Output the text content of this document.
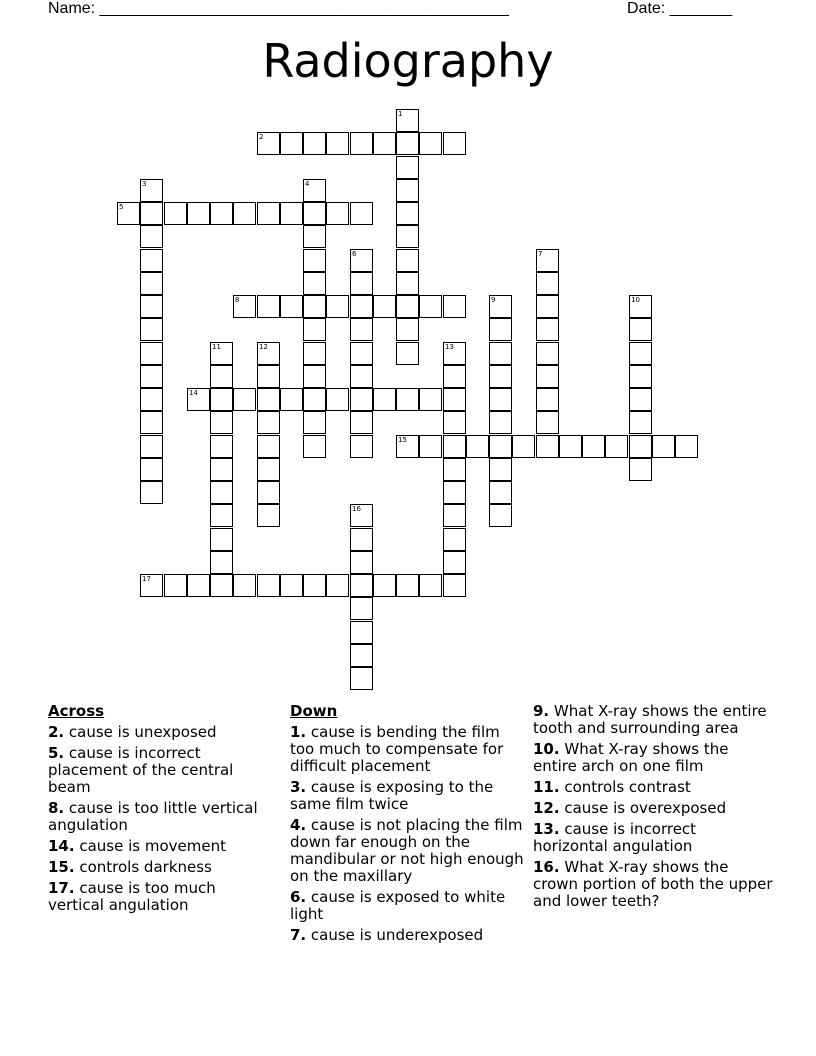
Name: ______________________________________________	Date: _______
Radiography
1
2
3	4
5
6	7
8	9	10
11	12	13
14
15
16
17
Across
2. cause is unexposed
5. cause is incorrect placement of the central beam
8. cause is too little vertical angulation
14. cause is movement
15. controls darkness
17. cause is too much vertical angulation
Down
1. cause is bending the film too much to compensate for difficult placement
3. cause is exposing to the same film twice
4. cause is not placing the film down far enough on the mandibular or not high enough on the maxillary
6. cause is exposed to white light
7. cause is underexposed
9. What X-ray shows the entire tooth and surrounding area
10. What X-ray shows the entire arch on one film
11. controls contrast
12. cause is overexposed
13. cause is incorrect horizontal angulation
16. What X-ray shows the crown portion of both the upper and lower teeth?
